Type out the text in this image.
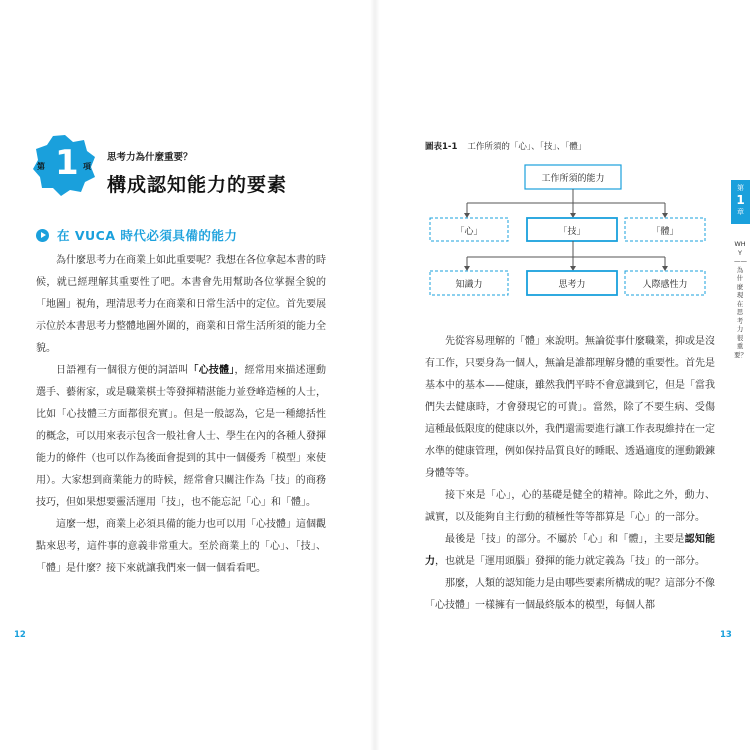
第 1 項
思考力為什麼重要？
構成認知能力的要素
在 VUCA 時代必須具備的能力

為什麼思考力在商業上如此重要呢？我想在各位拿起本書的時候，就已經理解其重要性了吧。本書會先用幫助各位掌握全貌的「地圖」視角，理清思考力在商業和日常生活中的定位。首先要展示位於本書思考力整體地圖外圍的，商業和日常生活所須的能力全貌。

日語裡有一個很方便的詞語叫「心技體」，經常用來描述運動選手、藝術家，或是職業棋士等發揮精湛能力並登峰造極的人士，比如「心技體三方面都很充實」。但是一般認為，它是一種總括性的概念，可以用來表示包含一般社會人士、學生在內的各種人發揮能力的條件（也可以作為後面會提到的其中一個優秀「模型」來使用）。大家想到商業能力的時候，經常會只關注作為「技」的商務技巧，但如果想要靈活運用「技」，也不能忘記「心」和「體」。

這麼一想，商業上必須具備的能力也可以用「心技體」這個觀點來思考，這件事的意義非常重大。至於商業上的「心」、「技」、「體」是什麼？接下來就讓我們來一個一個看看吧。

12
圖表1-1 工作所須的「心」、「技」、「體」
工作所須的能力
「心」	「技」	「體」
知識力	思考力	人際感性力

先從容易理解的「體」來說明。無論從事什麼職業，抑或是沒有工作，只要身為一個人，無論是誰都理解身體的重要性。首先是基本中的基本——健康，雖然我們平時不會意識到它，但是「當我們失去健康時，才會發現它的可貴」。當然，除了不要生病、受傷這種最低限度的健康以外，我們還需要進行讓工作表現維持在一定水準的健康管理，例如保持品質良好的睡眠、透過適度的運動鍛鍊身體等等。

接下來是「心」，心的基礎是健全的精神。除此之外，動力、誠實，以及能夠自主行動的積極性等等都算是「心」的一部分。

最後是「技」的部分。不屬於「心」和「體」，主要是認知能力，也就是「運用頭腦」發揮的能力就定義為「技」的一部分。

那麼，人類的認知能力是由哪些要素所構成的呢？這部分不像「心技體」一樣擁有一個最終版本的模型，每個人都

第
1
章
WHY——為什麼現在思考力很重要？
13
